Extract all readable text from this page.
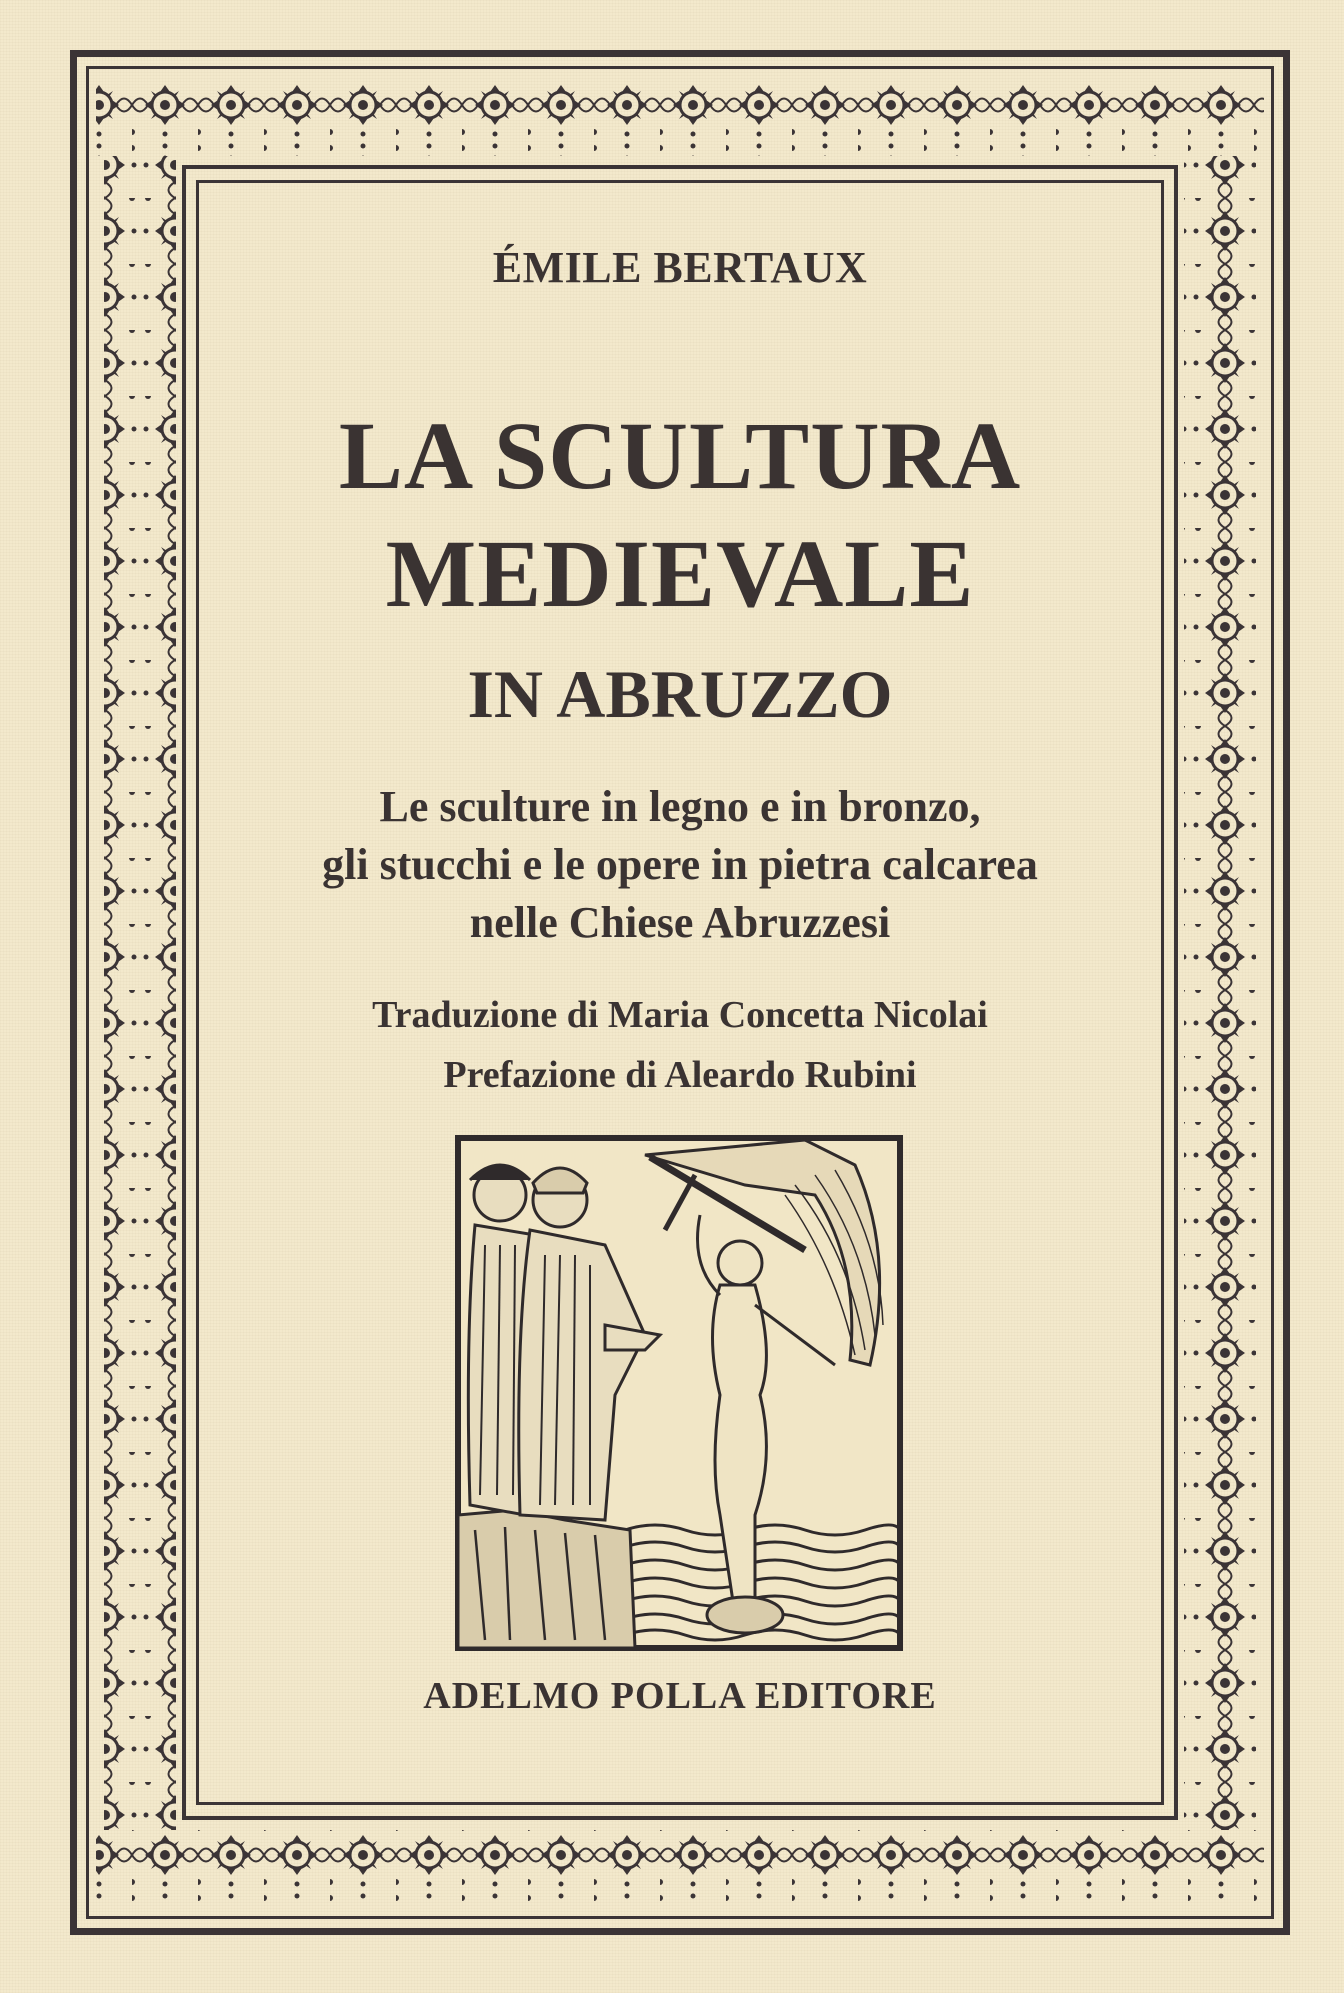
ÉMILE BERTAUX
LA SCULTURA
MEDIEVALE
IN ABRUZZO
Le sculture in legno e in bronzo,
gli stucchi e le opere in pietra calcarea
nelle Chiese Abruzzesi
Traduzione di Maria Concetta Nicolai
Prefazione di Aleardo Rubini
ADELMO POLLA EDITORE
